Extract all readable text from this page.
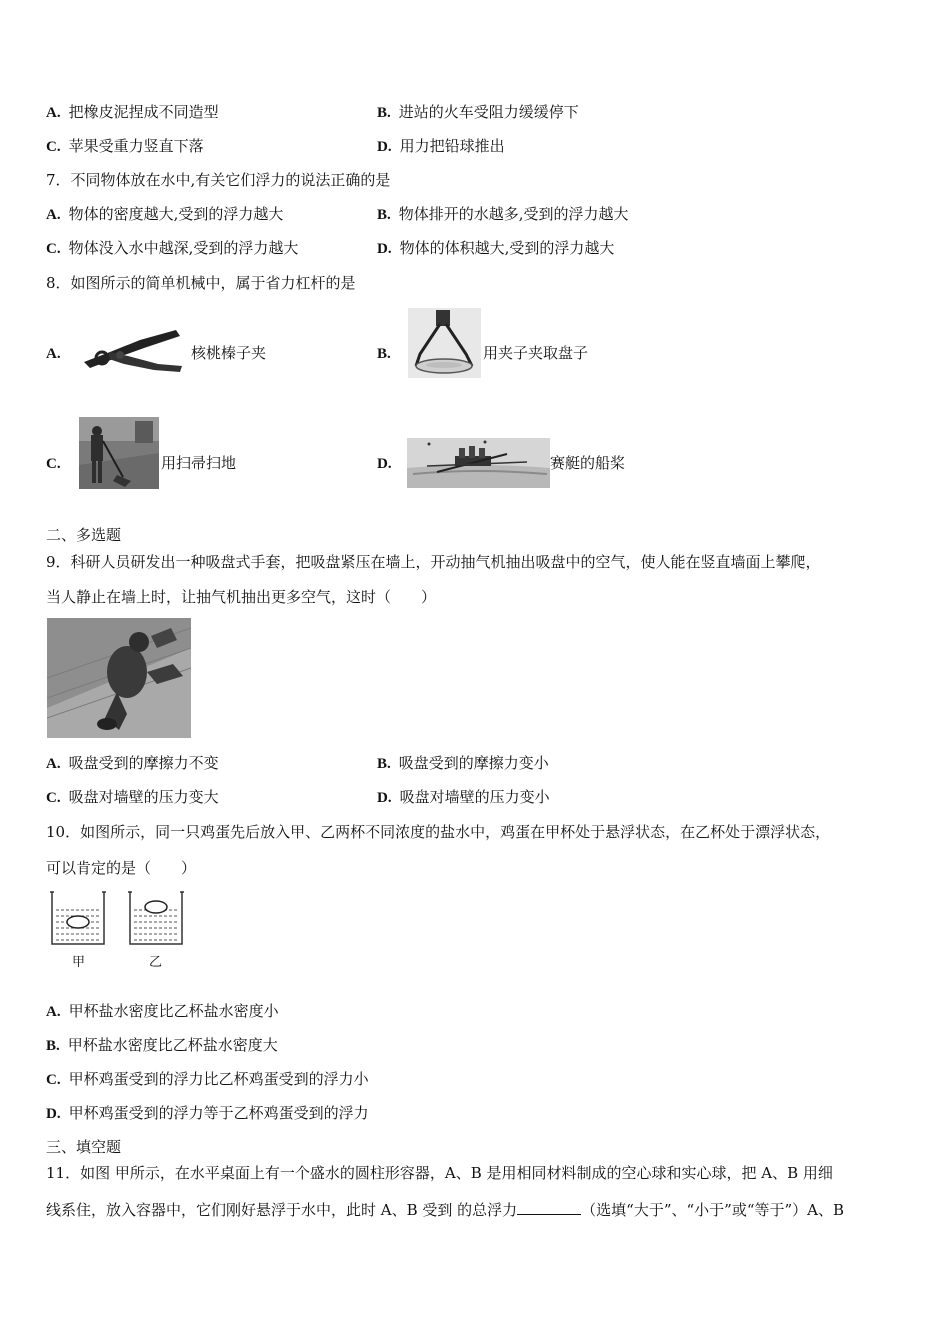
A. 把橡皮泥捏成不同造型	B. 进站的火车受阻力缓缓停下
C. 苹果受重力竖直下落	D. 用力把铅球推出
7．不同物体放在水中,有关它们浮力的说法正确的是
A. 物体的密度越大,受到的浮力越大	B. 物体排开的水越多,受到的浮力越大
C. 物体没入水中越深,受到的浮力越大	D. 物体的体积越大,受到的浮力越大
8．如图所示的简单机械中，属于省力杠杆的是
A.	核桃榛子夹	B.	用夹子夹取盘子
C.	用扫帚扫地	D.	赛艇的船桨
二、多选题
9．科研人员研发出一种吸盘式手套，把吸盘紧压在墙上，开动抽气机抽出吸盘中的空气，使人能在竖直墙面上攀爬，
当人静止在墙上时，让抽气机抽出更多空气，这时（　　）
A. 吸盘受到的摩擦力不变	B. 吸盘受到的摩擦力变小
C. 吸盘对墙壁的压力变大	D. 吸盘对墙壁的压力变小
10．如图所示，同一只鸡蛋先后放入甲、乙两杯不同浓度的盐水中，鸡蛋在甲杯处于悬浮状态，在乙杯处于漂浮状态，
可以肯定的是（　　）
甲	乙
A. 甲杯盐水密度比乙杯盐水密度小
B. 甲杯盐水密度比乙杯盐水密度大
C. 甲杯鸡蛋受到的浮力比乙杯鸡蛋受到的浮力小
D. 甲杯鸡蛋受到的浮力等于乙杯鸡蛋受到的浮力
三、填空题
11．如图 甲所示，在水平桌面上有一个盛水的圆柱形容器，A、B 是用相同材料制成的空心球和实心球，把 A、B 用细
线系住，放入容器中，它们刚好悬浮于水中，此时 A、B 受到 的总浮力	（选填“大于”、“小于”或“等于”）A、B
